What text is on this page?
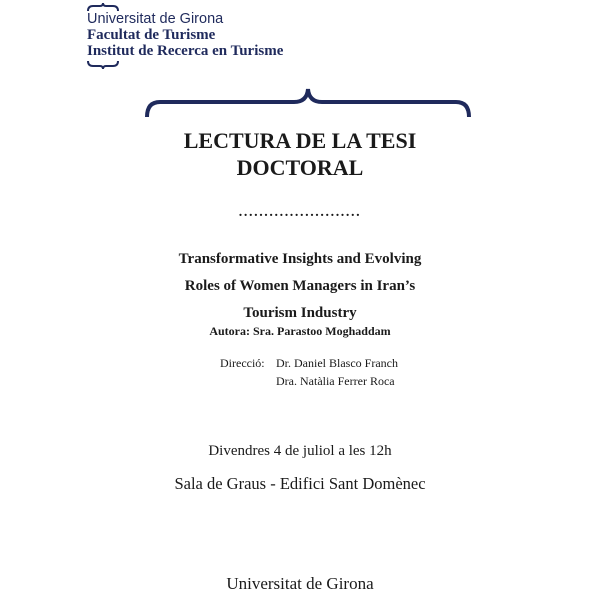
Universitat de Girona
Facultat de Turisme
Institut de Recerca en Turisme
LECTURA DE LA TESI
DOCTORAL
........................
Transformative Insights and Evolving
Roles of Women Managers in Iran’s
Tourism Industry
Autora: Sra. Parastoo Moghaddam
Direcció: Dr. Daniel Blasco Franch
Dra. Natàlia Ferrer Roca
Divendres 4 de juliol a les 12h
Sala de Graus - Edifici Sant Domènec
Universitat de Girona
